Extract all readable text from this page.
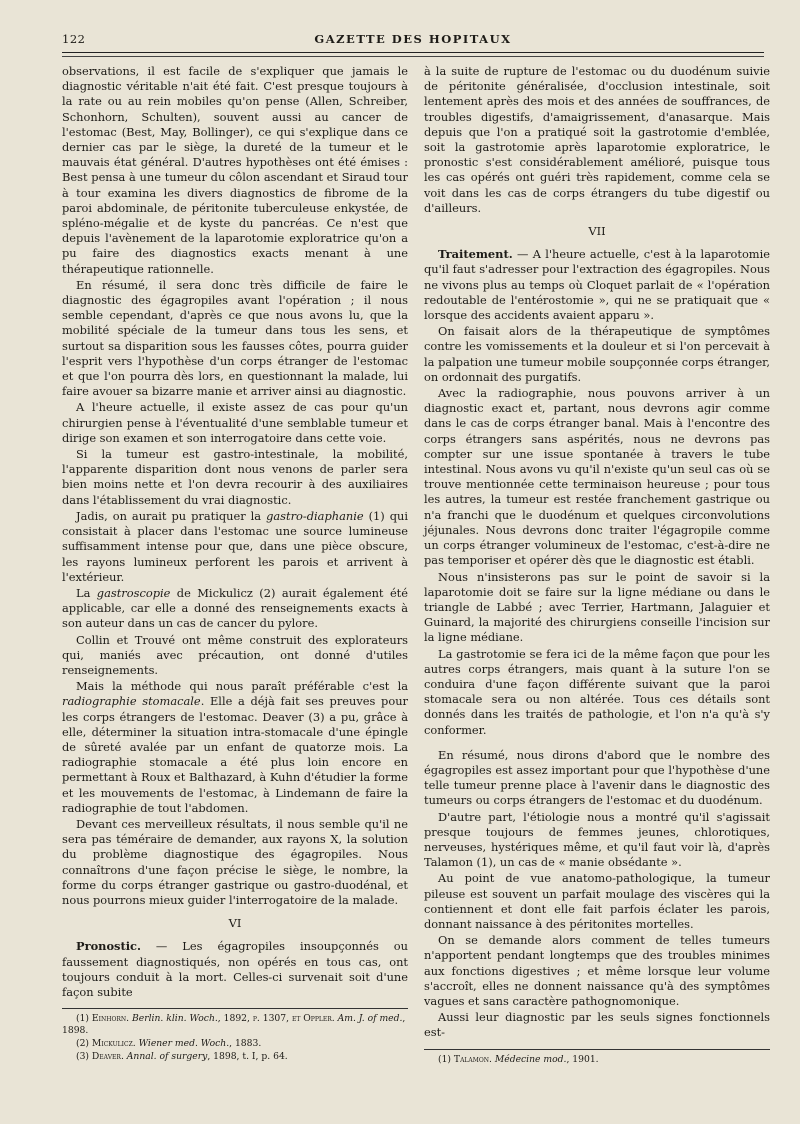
122	GAZETTE DES HOPITAUX

observations, il est facile de s'expliquer que jamais le diagnostic véritable n'ait été fait. C'est presque toujours à la rate ou au rein mobiles qu'on pense (Allen, Schreiber, Schonhorn, Schulten), souvent aussi au cancer de l'estomac (Best, May, Bollinger), ce qui s'explique dans ce dernier cas par le siège, la dureté de la tumeur et le mauvais état général. D'autres hypothèses ont été émises : Best pensa à une tumeur du côlon ascendant et Siraud tour à tour examina les divers diagnostics de fibrome de la paroi abdominale, de péritonite tuberculeuse enkystée, de spléno-mégalie et de kyste du pancréas. Ce n'est que depuis l'avènement de la laparotomie exploratrice qu'on a pu faire des diagnostics exacts menant à une thérapeutique rationnelle.

En résumé, il sera donc très difficile de faire le diagnostic des égagropiles avant l'opération ; il nous semble cependant, d'après ce que nous avons lu, que la mobilité spéciale de la tumeur dans tous les sens, et surtout sa disparition sous les fausses côtes, pourra guider l'esprit vers l'hypothèse d'un corps étranger de l'estomac et que l'on pourra dès lors, en questionnant la malade, lui faire avouer sa bizarre manie et arriver ainsi au diagnostic.

A l'heure actuelle, il existe assez de cas pour qu'un chirurgien pense à l'éventualité d'une semblable tumeur et dirige son examen et son interrogatoire dans cette voie.

Si la tumeur est gastro-intestinale, la mobilité, l'apparente disparition dont nous venons de parler sera bien moins nette et l'on devra recourir à des auxiliaires dans l'établissement du vrai diagnostic.

Jadis, on aurait pu pratiquer la gastro-diaphanie (1) qui consistait à placer dans l'estomac une source lumineuse suffisamment intense pour que, dans une pièce obscure, les rayons lumineux perforent les parois et arrivent à l'extérieur.

La gastroscopie de Mickulicz (2) aurait également été applicable, car elle a donné des renseignements exacts à son auteur dans un cas de cancer du pylore.

Collin et Trouvé ont même construit des explorateurs qui, maniés avec précaution, ont donné d'utiles renseignements.

Mais la méthode qui nous paraît préférable c'est la radiographie stomacale. Elle a déjà fait ses preuves pour les corps étrangers de l'estomac. Deaver (3) a pu, grâce à elle, déterminer la situation intra-stomacale d'une épingle de sûreté avalée par un enfant de quatorze mois. La radiographie stomacale a été plus loin encore en permettant à Roux et Balthazard, à Kuhn d'étudier la forme et les mouvements de l'estomac, à Lindemann de faire la radiographie de tout l'abdomen.

Devant ces merveilleux résultats, il nous semble qu'il ne sera pas téméraire de demander, aux rayons X, la solution du problème diagnostique des égagropiles. Nous connaîtrons d'une façon précise le siège, le nombre, la forme du corps étranger gastrique ou gastro-duodénal, et nous pourrons mieux guider l'interrogatoire de la malade.

VI

Pronostic. — Les égagropiles insoupçonnés ou faussement diagnostiqués, non opérés en tous cas, ont toujours conduit à la mort. Celles-ci survenait soit d'une façon subite

(1) Einhorn. Berlin. klin. Woch., 1892, p. 1307, et Oppler. Am. J. of med., 1898.

(2) Mickulicz. Wiener med. Woch., 1883.

(3) Deaver. Annal. of surgery, 1898, t. I, p. 64.

à la suite de rupture de l'estomac ou du duodénum suivie de péritonite généralisée, d'occlusion intestinale, soit lentement après des mois et des années de souffrances, de troubles digestifs, d'amaigrissement, d'anasarque. Mais depuis que l'on a pratiqué soit la gastrotomie d'emblée, soit la gastrotomie après laparotomie exploratrice, le pronostic s'est considérablement amélioré, puisque tous les cas opérés ont guéri très rapidement, comme cela se voit dans les cas de corps étrangers du tube digestif ou d'ailleurs.

VII

Traitement. — A l'heure actuelle, c'est à la laparotomie qu'il faut s'adresser pour l'extraction des égagropiles. Nous ne vivons plus au temps où Cloquet parlait de « l'opération redoutable de l'entérostomie », qui ne se pratiquait que « lorsque des accidents avaient apparu ».

On faisait alors de la thérapeutique de symptômes contre les vomissements et la douleur et si l'on percevait à la palpation une tumeur mobile soupçonnée corps étranger, on ordonnait des purgatifs.

Avec la radiographie, nous pouvons arriver à un diagnostic exact et, partant, nous devrons agir comme dans le cas de corps étranger banal. Mais à l'encontre des corps étrangers sans aspérités, nous ne devrons pas compter sur une issue spontanée à travers le tube intestinal. Nous avons vu qu'il n'existe qu'un seul cas où se trouve mentionnée cette terminaison heureuse ; pour tous les autres, la tumeur est restée franchement gastrique ou n'a franchi que le duodénum et quelques circonvolutions jéjunales. Nous devrons donc traiter l'égagropile comme un corps étranger volumineux de l'estomac, c'est-à-dire ne pas temporiser et opérer dès que le diagnostic est établi.

Nous n'insisterons pas sur le point de savoir si la laparotomie doit se faire sur la ligne médiane ou dans le triangle de Labbé ; avec Terrier, Hartmann, Jalaguier et Guinard, la majorité des chirurgiens conseille l'incision sur la ligne médiane.

La gastrotomie se fera ici de la même façon que pour les autres corps étrangers, mais quant à la suture l'on se conduira d'une façon différente suivant que la paroi stomacale sera ou non altérée. Tous ces détails sont donnés dans les traités de pathologie, et l'on n'a qu'à s'y conformer.

En résumé, nous dirons d'abord que le nombre des égagropiles est assez important pour que l'hypothèse d'une telle tumeur prenne place à l'avenir dans le diagnostic des tumeurs ou corps étrangers de l'estomac et du duodénum.

D'autre part, l'étiologie nous a montré qu'il s'agissait presque toujours de femmes jeunes, chlorotiques, nerveuses, hystériques même, et qu'il faut voir là, d'après Talamon (1), un cas de « manie obsédante ».

Au point de vue anatomo-pathologique, la tumeur pileuse est souvent un parfait moulage des viscères qui la contiennent et dont elle fait parfois éclater les parois, donnant naissance à des péritonites mortelles.

On se demande alors comment de telles tumeurs n'apportent pendant longtemps que des troubles minimes aux fonctions digestives ; et même lorsque leur volume s'accroît, elles ne donnent naissance qu'à des symptômes vagues et sans caractère pathognomonique.

Aussi leur diagnostic par les seuls signes fonctionnels est-

(1) Talamon. Médecine mod., 1901.
